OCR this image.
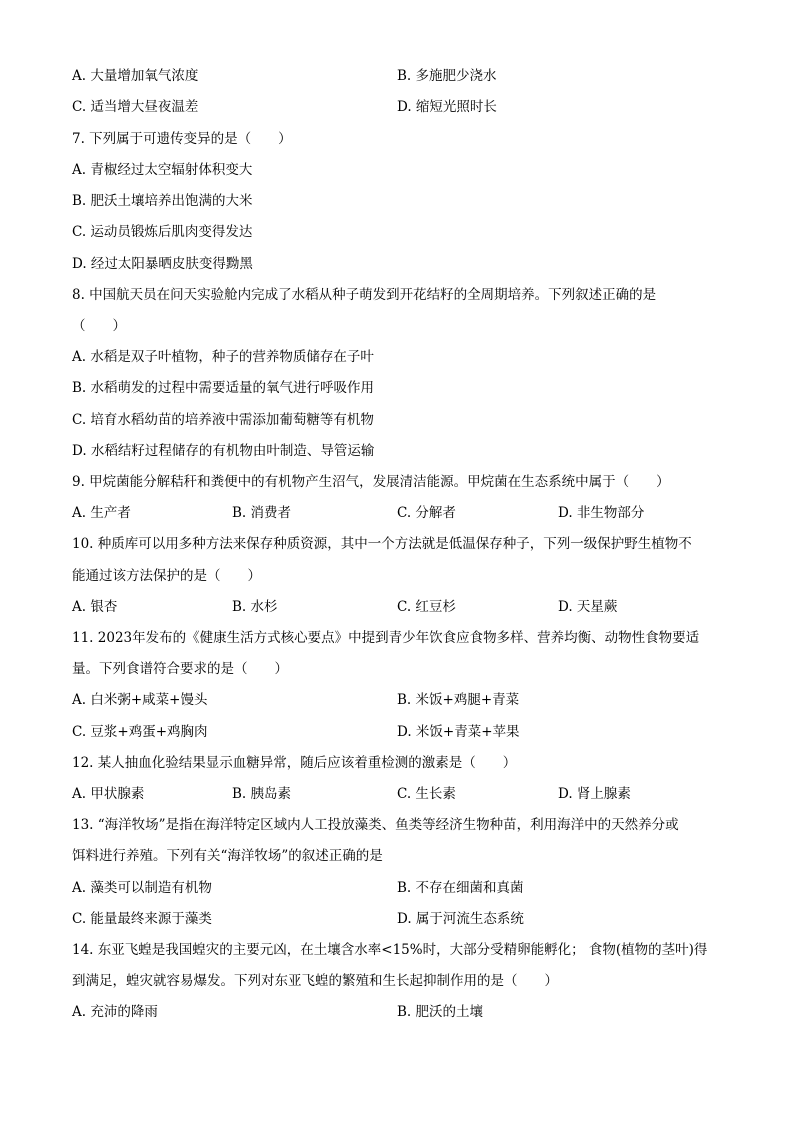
A. 大量增加氧气浓度	B. 多施肥少浇水
C. 适当增大昼夜温差	D. 缩短光照时长
7. 下列属于可遗传变异的是（　　）
A. 青椒经过太空辐射体积变大
B. 肥沃土壤培养出饱满的大米
C. 运动员锻炼后肌肉变得发达
D. 经过太阳暴晒皮肤变得黝黑
8. 中国航天员在问天实验舱内完成了水稻从种子萌发到开花结籽的全周期培养。下列叙述正确的是
（　　）
A. 水稻是双子叶植物，种子的营养物质储存在子叶
B. 水稻萌发的过程中需要适量的氧气进行呼吸作用
C. 培育水稻幼苗的培养液中需添加葡萄糖等有机物
D. 水稻结籽过程储存的有机物由叶制造、导管运输
9. 甲烷菌能分解秸秆和粪便中的有机物产生沼气，发展清洁能源。甲烷菌在生态系统中属于（　　）
A. 生产者	B. 消费者	C. 分解者	D. 非生物部分
10. 种质库可以用多种方法来保存种质资源，其中一个方法就是低温保存种子，下列一级保护野生植物不
能通过该方法保护的是（　　）
A. 银杏	B. 水杉	C. 红豆杉	D. 天星蕨
11. 2023年发布的《健康生活方式核心要点》中提到青少年饮食应食物多样、营养均衡、动物性食物要适
量。下列食谱符合要求的是（　　）
A. 白米粥+咸菜+馒头	B. 米饭+鸡腿+青菜
C. 豆浆+鸡蛋+鸡胸肉	D. 米饭+青菜+苹果
12. 某人抽血化验结果显示血糖异常，随后应该着重检测的激素是（　　）
A. 甲状腺素	B. 胰岛素	C. 生长素	D. 肾上腺素
13. “海洋牧场”是指在海洋特定区域内人工投放藻类、鱼类等经济生物种苗，利用海洋中的天然养分或
饵料进行养殖。下列有关“海洋牧场”的叙述正确的是
A. 藻类可以制造有机物	B. 不存在细菌和真菌
C. 能量最终来源于藻类	D. 属于河流生态系统
14. 东亚飞蝗是我国蝗灾的主要元凶，在土壤含水率<15%时，大部分受精卵能孵化； 食物(植物的茎叶)得
到满足，蝗灾就容易爆发。下列对东亚飞蝗的繁殖和生长起抑制作用的是（　　）
A. 充沛的降雨	B. 肥沃的土壤
